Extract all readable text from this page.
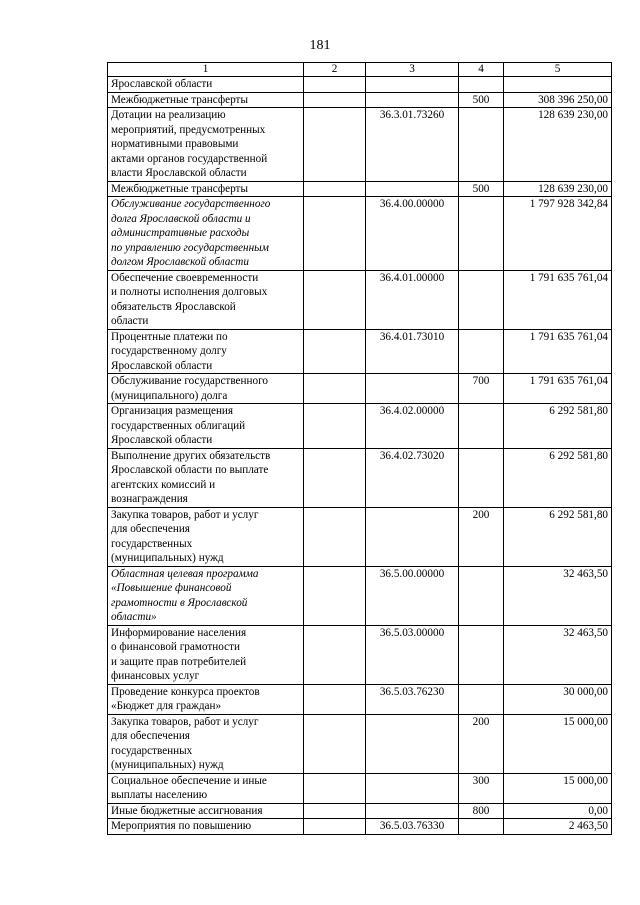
181
1	2	3	4	5

Ярославской области				

Межбюджетные трансферты			500	308 396 250,00

Дотации на реализацию
мероприятий, предусмотренных
нормативными правовыми
актами органов государственной
власти Ярославской области		36.3.01.73260		128 639 230,00

Межбюджетные трансферты			500	128 639 230,00

Обслуживание государственного
долга Ярославской области и
административные расходы
по управлению государственным
долгом Ярославской области		36.4.00.00000		1 797 928 342,84

Обеспечение своевременности
и полноты исполнения долговых
обязательств Ярославской
области		36.4.01.00000		1 791 635 761,04

Процентные платежи по
государственному долгу
Ярославской области		36.4.01.73010		1 791 635 761,04

Обслуживание государственного
(муниципального) долга			700	1 791 635 761,04

Организация размещения
государственных облигаций
Ярославской области		36.4.02.00000		6 292 581,80

Выполнение других обязательств
Ярославской области по выплате
агентских комиссий и
вознаграждения		36.4.02.73020		6 292 581,80

Закупка товаров, работ и услуг
для обеспечения
государственных
(муниципальных) нужд			200	6 292 581,80

Областная целевая программа
«Повышение финансовой
грамотности в Ярославской
области»		36.5.00.00000		32 463,50

Информирование населения
о финансовой грамотности
и защите прав потребителей
финансовых услуг		36.5.03.00000		32 463,50

Проведение конкурса проектов
«Бюджет для граждан»		36.5.03.76230		30 000,00

Закупка товаров, работ и услуг
для обеспечения
государственных
(муниципальных) нужд			200	15 000,00

Социальное обеспечение и иные
выплаты населению			300	15 000,00

Иные бюджетные ассигнования			800	0,00

Мероприятия по повышению		36.5.03.76330		2 463,50
